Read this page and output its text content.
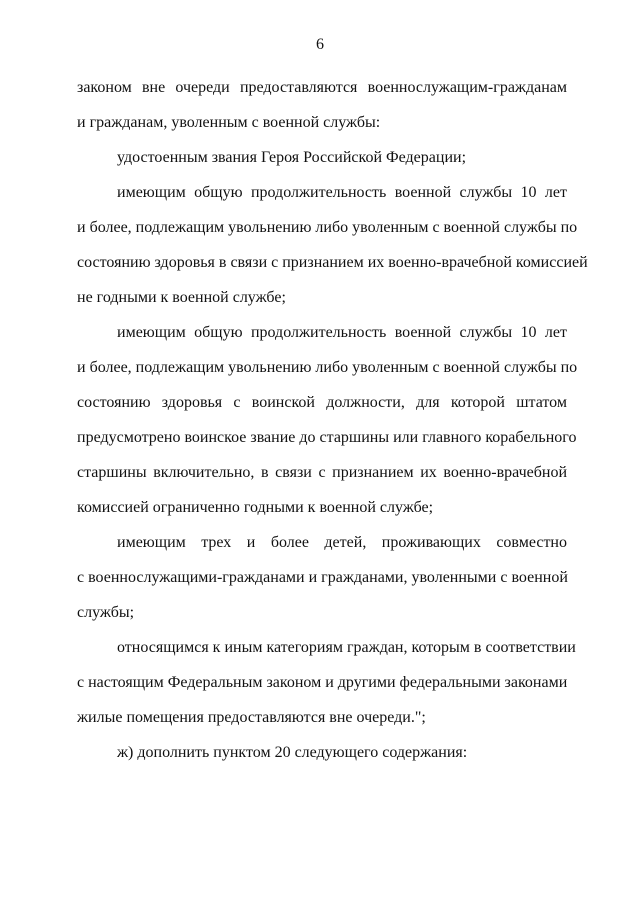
6
законом вне очереди предоставляются военнослужащим-гражданам
и гражданам, уволенным с военной службы:
удостоенным звания Героя Российской Федерации;
имеющим общую продолжительность военной службы 10 лет
и более, подлежащим увольнению либо уволенным с военной службы по
состоянию здоровья в связи с признанием их военно-врачебной комиссией
не годными к военной службе;
имеющим общую продолжительность военной службы 10 лет
и более, подлежащим увольнению либо уволенным с военной службы по
состоянию здоровья с воинской должности, для которой штатом
предусмотрено воинское звание до старшины или главного корабельного
старшины включительно, в связи с признанием их военно-врачебной
комиссией ограниченно годными к военной службе;
имеющим трех и более детей, проживающих совместно
с военнослужащими-гражданами и гражданами, уволенными с военной
службы;
относящимся к иным категориям граждан, которым в соответствии
с настоящим Федеральным законом и другими федеральными законами
жилые помещения предоставляются вне очереди.";
ж) дополнить пунктом 20 следующего содержания:
